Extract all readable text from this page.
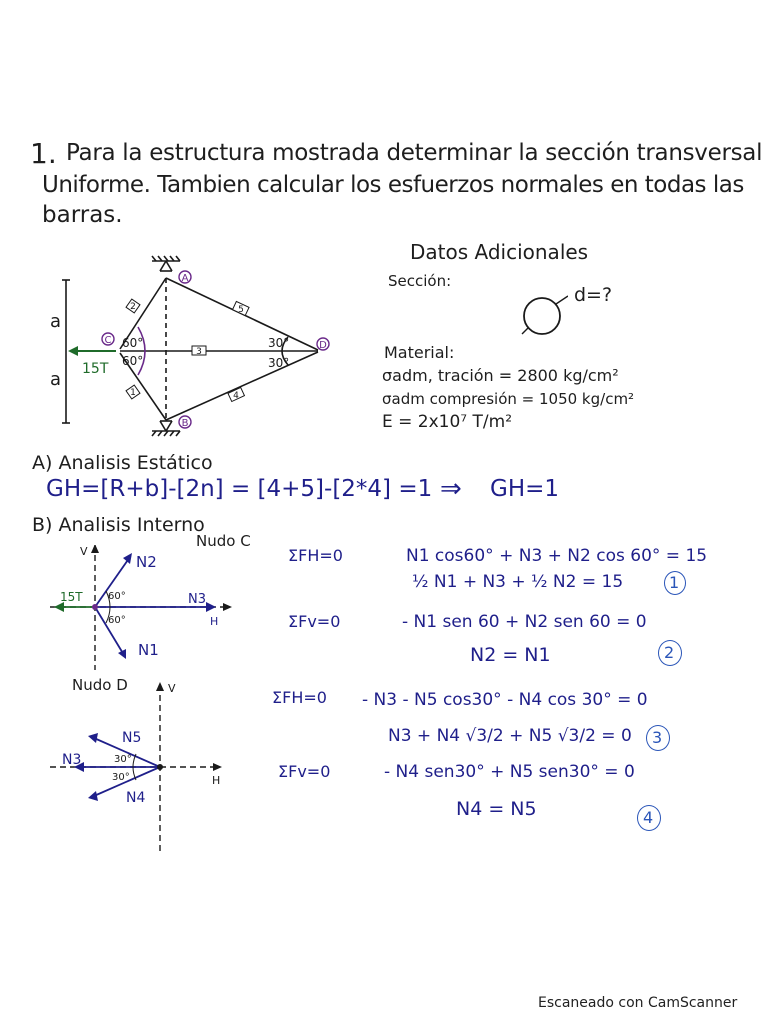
1. Para la estructura mostrada determinar la sección transversal
Uniforme. Tambien calcular los esfuerzos normales en todas las
barras.
2
1
3
5
4
A
B
C	D
60°
60°
30°
30°
a
a 15T
Datos Adicionales
Sección:
d=?
Material:
σadm, tración = 2800 kg/cm²
σadm compresión = 1050 kg/cm²
E = 2x10⁷ T/m²
A) Analisis Estático
GH=[R+b]-[2n] = [4+5]-[2*4] =1 ⇒ GH=1
B) Analisis Interno
Nudo C
V
H
N2
N3
N1
15T	60°
60°
Nudo D	V
H
N5
N3
N4
30°
30°
ΣFH=0	N1 cos60° + N3 + N2 cos 60° = 15
½ N1 + N3 + ½ N2 = 15	1
ΣFv=0	- N1 sen 60 + N2 sen 60 = 0
N2 = N1	2
ΣFH=0 - N3 - N5 cos30° - N4 cos 30° = 0
N3 + N4 √3/2 + N5 √3/2 = 0 3
ΣFv=0	- N4 sen30° + N5 sen30° = 0
N4 = N5	4
Escaneado con CamScanner
